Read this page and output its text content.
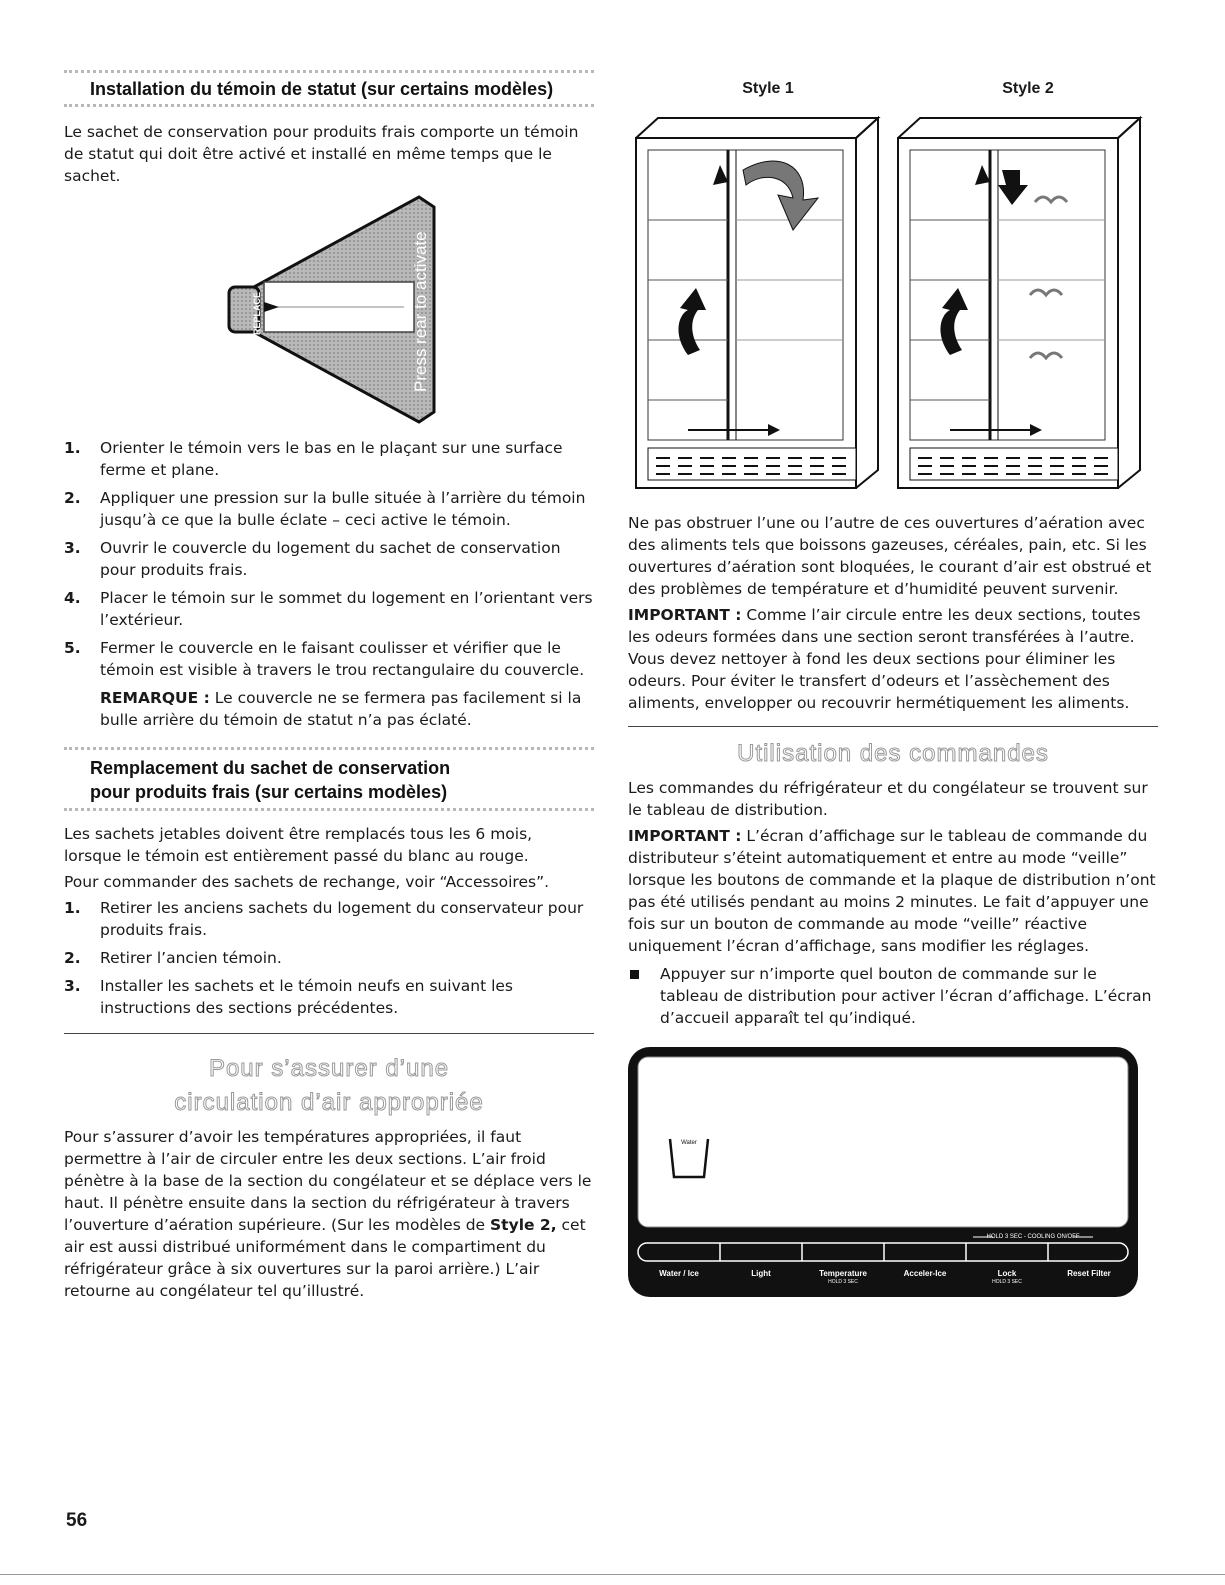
Installation du témoin de statut (sur certains modèles)

Le sachet de conservation pour produits frais comporte un témoin de statut qui doit être activé et installé en même temps que le sachet.

6 4 2 MONTHS
REPLACE	Press rear to activate
1. Orienter le témoin vers le bas en le plaçant sur une surface ferme et plane.
2. Appliquer une pression sur la bulle située à l’arrière du témoin jusqu’à ce que la bulle éclate – ceci active le témoin.
3. Ouvrir le couvercle du logement du sachet de conservation pour produits frais.
4. Placer le témoin sur le sommet du logement en l’orientant vers l’extérieur.
5. Fermer le couvercle en le faisant coulisser et vérifier que le témoin est visible à travers le trou rectangulaire du couvercle.
REMARQUE : Le couvercle ne se fermera pas facilement si la bulle arrière du témoin de statut n’a pas éclaté.
Remplacement du sachet de conservation
pour produits frais (sur certains modèles)

Les sachets jetables doivent être remplacés tous les 6 mois, lorsque le témoin est entièrement passé du blanc au rouge.

Pour commander des sachets de rechange, voir “Accessoires”.

1. Retirer les anciens sachets du logement du conservateur pour produits frais.
2. Retirer l’ancien témoin.
3. Installer les sachets et le témoin neufs en suivant les instructions des sections précédentes.
Pour s’assurer d’une
circulation d’air appropriée

Pour s’assurer d’avoir les températures appropriées, il faut permettre à l’air de circuler entre les deux sections. L’air froid pénètre à la base de la section du congélateur et se déplace vers le haut. Il pénètre ensuite dans la section du réfrigérateur à travers l’ouverture d’aération supérieure. (Sur les modèles de Style 2, cet air est aussi distribué uniformément dans le compartiment du réfrigérateur grâce à six ouvertures sur la paroi arrière.) L’air retourne au congélateur tel qu’illustré.

Style 1	Style 2

Ne pas obstruer l’une ou l’autre de ces ouvertures d’aération avec des aliments tels que boissons gazeuses, céréales, pain, etc. Si les ouvertures d’aération sont bloquées, le courant d’air est obstrué et des problèmes de température et d’humidité peuvent survenir.

IMPORTANT : Comme l’air circule entre les deux sections, toutes les odeurs formées dans une section seront transférées à l’autre. Vous devez nettoyer à fond les deux sections pour éliminer les odeurs. Pour éviter le transfert d’odeurs et l’assèchement des aliments, envelopper ou recouvrir hermétiquement les aliments.

Utilisation des commandes

Les commandes du réfrigérateur et du congélateur se trouvent sur le tableau de distribution.

IMPORTANT : L’écran d’affichage sur le tableau de commande du distributeur s’éteint automatiquement et entre au mode “veille” lorsque les boutons de commande et la plaque de distribution n’ont pas été utilisés pendant au moins 2 minutes. Le fait d’appuyer une fois sur un bouton de commande au mode “veille” réactive uniquement l’écran d’affichage, sans modifier les réglages.

Appuyer sur n’importe quel bouton de commande sur le tableau de distribution pour activer l’écran d’affichage. L’écran d’accueil apparaît tel qu’indiqué.
Water
HOLD 3 SEC - COOLING ON/OFF
Water / Ice	Light	Temperature
HOLD 3 SEC
Acceler-Ice	Lock
HOLD 3 SEC
Reset Filter
56
